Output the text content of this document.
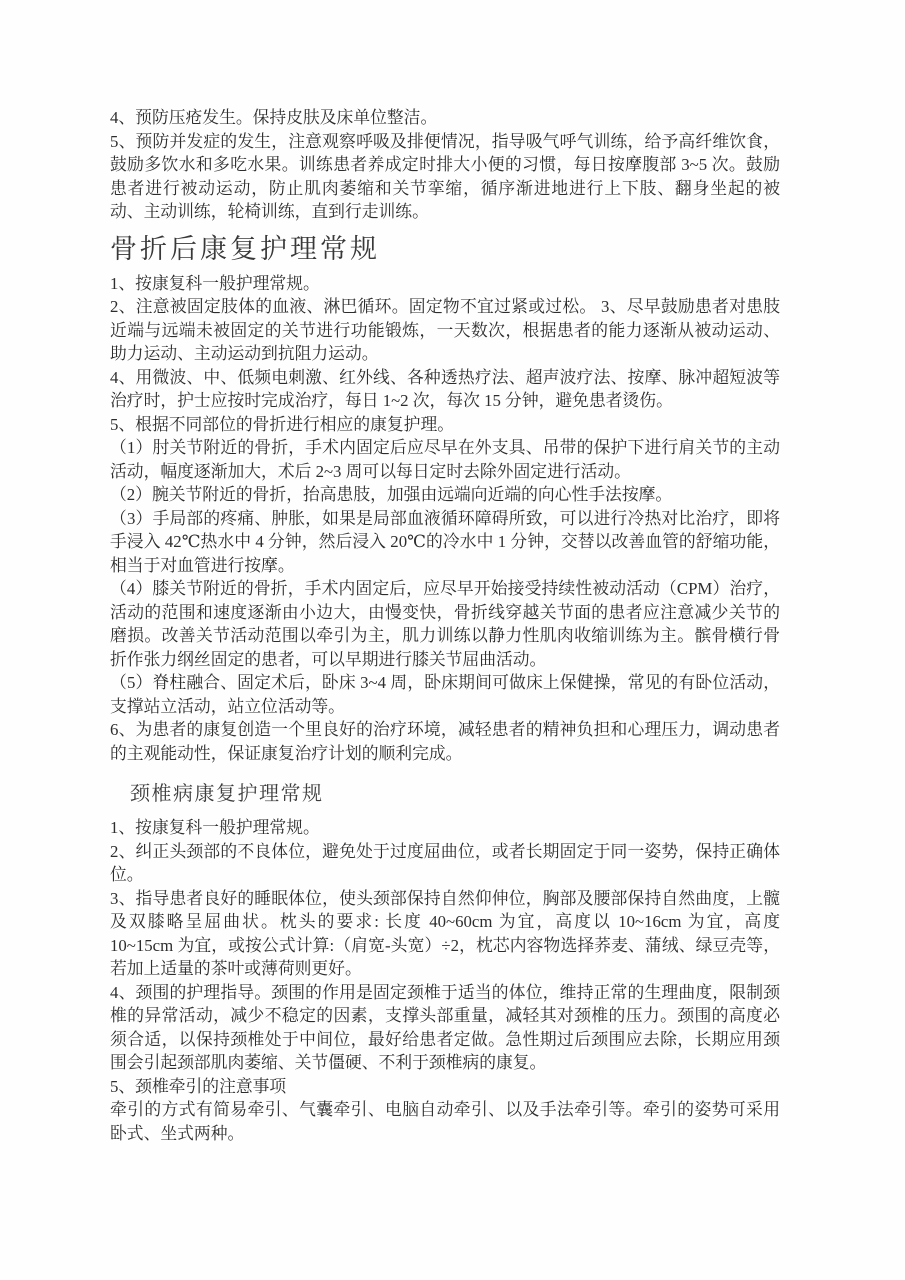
4、预防压疮发生。保持皮肤及床单位整洁。

5、预防并发症的发生，注意观察呼吸及排便情况，指导吸气呼气训练，给予高纤维饮食，鼓励多饮水和多吃水果。训练患者养成定时排大小便的习惯，每日按摩腹部 3~5 次。鼓励患者进行被动运动，防止肌肉萎缩和关节挛缩，循序渐进地进行上下肢、翻身坐起的被动、主动训练，轮椅训练，直到行走训练。

骨折后康复护理常规

1、按康复科一般护理常规。

2、注意被固定肢体的血液、淋巴循环。固定物不宜过紧或过松。 3、尽早鼓励患者对患肢近端与远端未被固定的关节进行功能锻炼，一天数次，根据患者的能力逐渐从被动运动、助力运动、主动运动到抗阻力运动。

4、用微波、中、低频电刺激、红外线、各种透热疗法、超声波疗法、按摩、脉冲超短波等治疗时，护士应按时完成治疗，每日 1~2 次，每次 15 分钟，避免患者烫伤。

5、根据不同部位的骨折进行相应的康复护理。

（1）肘关节附近的骨折，手术内固定后应尽早在外支具、吊带的保护下进行肩关节的主动活动，幅度逐渐加大，术后 2~3 周可以每日定时去除外固定进行活动。

（2）腕关节附近的骨折，抬高患肢，加强由远端向近端的向心性手法按摩。

（3）手局部的疼痛、肿胀，如果是局部血液循环障碍所致，可以进行冷热对比治疗，即将手浸入 42℃热水中 4 分钟，然后浸入 20℃的冷水中 1 分钟，交替以改善血管的舒缩功能，相当于对血管进行按摩。

（4）膝关节附近的骨折，手术内固定后，应尽早开始接受持续性被动活动（CPM）治疗，活动的范围和速度逐渐由小边大，由慢变快，骨折线穿越关节面的患者应注意减少关节的磨损。改善关节活动范围以牵引为主，肌力训练以静力性肌肉收缩训练为主。髌骨横行骨折作张力纲丝固定的患者，可以早期进行膝关节屈曲活动。

（5）脊柱融合、固定术后，卧床 3~4 周，卧床期间可做床上保健操，常见的有卧位活动，支撑站立活动，站立位活动等。

6、为患者的康复创造一个里良好的治疗环境，减轻患者的精神负担和心理压力，调动患者的主观能动性，保证康复治疗计划的顺利完成。

颈椎病康复护理常规

1、按康复科一般护理常规。

2、纠正头颈部的不良体位，避免处于过度屈曲位，或者长期固定于同一姿势，保持正确体位。

3、指导患者良好的睡眠体位，使头颈部保持自然仰伸位，胸部及腰部保持自然曲度，上髋及双膝略呈屈曲状。枕头的要求: 长度 40~60cm 为宜，高度以 10~16cm 为宜，高度 10~15cm 为宜，或按公式计算:（肩宽-头宽）÷2，枕芯内容物选择荞麦、蒲绒、绿豆壳等，若加上适量的茶叶或薄荷则更好。

4、颈围的护理指导。颈围的作用是固定颈椎于适当的体位，维持正常的生理曲度，限制颈椎的异常活动，减少不稳定的因素，支撑头部重量，减轻其对颈椎的压力。颈围的高度必须合适，以保持颈椎处于中间位，最好给患者定做。急性期过后颈围应去除，长期应用颈围会引起颈部肌肉萎缩、关节僵硬、不利于颈椎病的康复。

5、颈椎牵引的注意事项

牵引的方式有简易牵引、气囊牵引、电脑自动牵引、以及手法牵引等。牵引的姿势可采用卧式、坐式两种。
